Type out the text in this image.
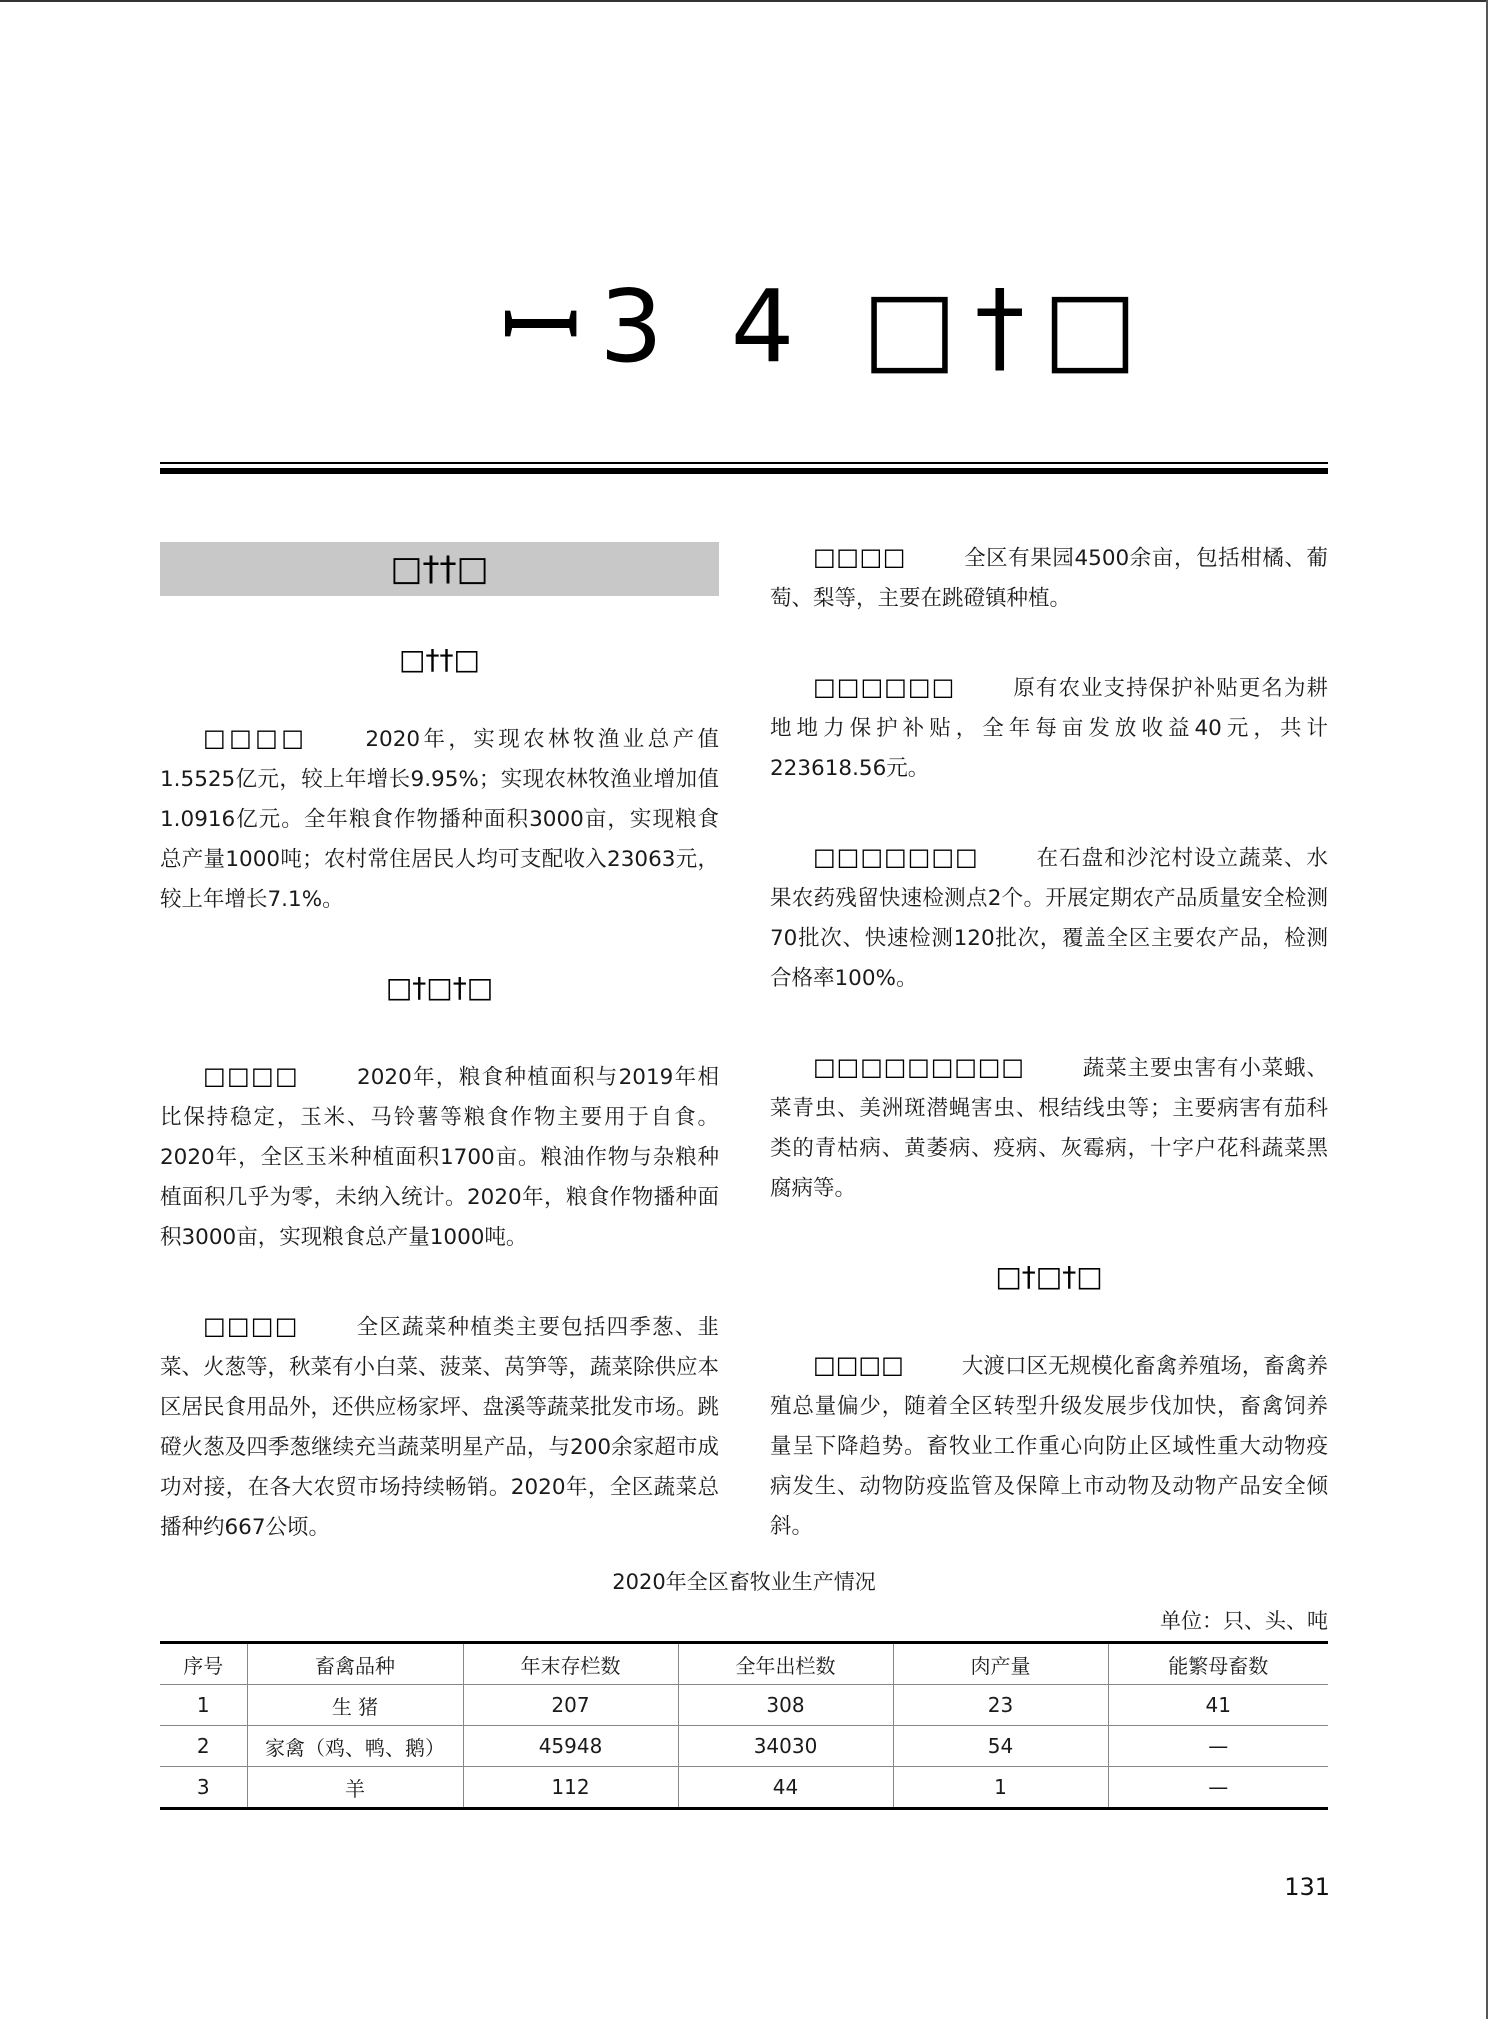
ꟷ3 4 □†□
□††□
□††□

□□□□	2020年，实现农林牧渔业总产值1.5525亿元，较上年增长9.95%；实现农林牧渔业增加值1.0916亿元。全年粮食作物播种面积3000亩，实现粮食总产量1000吨；农村常住居民人均可支配收入23063元，较上年增长7.1%。

□†□†□

□□□□	2020年，粮食种植面积与2019年相比保持稳定，玉米、马铃薯等粮食作物主要用于自食。2020年，全区玉米种植面积1700亩。粮油作物与杂粮种植面积几乎为零，未纳入统计。2020年，粮食作物播种面积3000亩，实现粮食总产量1000吨。

□□□□	全区蔬菜种植类主要包括四季葱、韭菜、火葱等，秋菜有小白菜、菠菜、莴笋等，蔬菜除供应本区居民食用品外，还供应杨家坪、盘溪等蔬菜批发市场。跳磴火葱及四季葱继续充当蔬菜明星产品，与200余家超市成功对接，在各大农贸市场持续畅销。2020年，全区蔬菜总播种约667公顷。

□□□□	全区有果园4500余亩，包括柑橘、葡萄、梨等，主要在跳磴镇种植。

□□□□□□	原有农业支持保护补贴更名为耕地地力保护补贴，全年每亩发放收益40元，共计223618.56元。

□□□□□□□	在石盘和沙沱村设立蔬菜、水果农药残留快速检测点2个。开展定期农产品质量安全检测70批次、快速检测120批次，覆盖全区主要农产品，检测合格率100%。

□□□□□□□□□	蔬菜主要虫害有小菜蛾、菜青虫、美洲斑潜蝇害虫、根结线虫等；主要病害有茄科类的青枯病、黄萎病、疫病、灰霉病，十字户花科蔬菜黑腐病等。

□†□†□

□□□□	大渡口区无规模化畜禽养殖场，畜禽养殖总量偏少，随着全区转型升级发展步伐加快，畜禽饲养量呈下降趋势。畜牧业工作重心向防止区域性重大动物疫病发生、动物防疫监管及保障上市动物及动物产品安全倾斜。

2020年全区畜牧业生产情况
单位：只、头、吨
序号	畜禽品种	年末存栏数	全年出栏数	肉产量	能繁母畜数
1	生 猪	207	308	23	41
2	家禽（鸡、鸭、鹅）	45948	34030	54	—
3	羊	112	44	1	—
131
